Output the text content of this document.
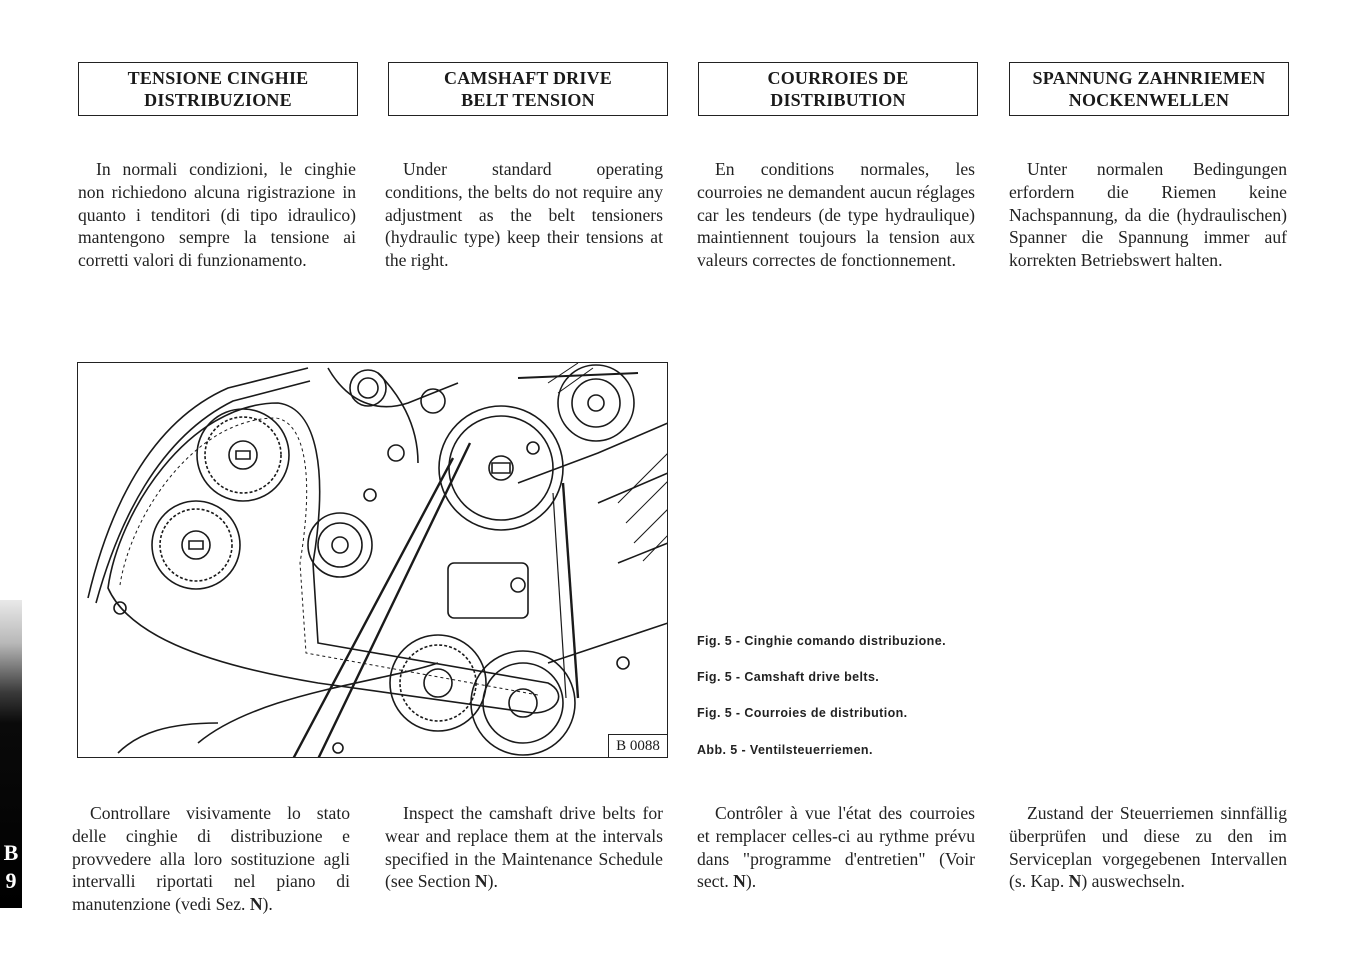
TENSIONE CINGHIE
DISTRIBUZIONE
CAMSHAFT DRIVE
BELT TENSION
COURROIES DE
DISTRIBUTION
SPANNUNG ZAHNRIEMEN
NOCKENWELLEN

In normali condizioni, le cinghie non richiedono alcuna rigistrazione in quanto i tenditori (di tipo idraulico) mantengono sempre la tensione ai corretti valori di funzionamento.

Under standard operating conditions, the belts do not require any adjustment as the belt tensioners (hydraulic type) keep their tensions at the right.

En conditions normales, les courroies ne demandent aucun réglages car les tendeurs (de type hydraulique) maintiennent toujours la tension aux valeurs correctes de fonctionnement.

Unter normalen Bedingungen erfordern die Riemen keine Nachspannung, da die (hydraulischen) Spanner die Spannung immer auf korrekten Betriebswert halten.

B 0088
Fig. 5 - Cinghie comando distribuzione.
Fig. 5 - Camshaft drive belts.
Fig. 5 - Courroies de distribution.
Abb. 5 - Ventilsteuerriemen.

Controllare visivamente lo stato delle cinghie di distribuzione e provvedere alla loro sostituzione agli intervalli riportati nel piano di manutenzione (vedi Sez. N).

Inspect the camshaft drive belts for wear and replace them at the intervals specified in the Maintenance Schedule (see Section N).

Contrôler à vue l'état des courroies et remplacer celles-ci au rythme prévu dans "programme d'entretien" (Voir sect. N).

Zustand der Steuerriemen sinnfällig überprüfen und diese zu den im Serviceplan vorgegebenen Intervallen (s. Kap. N) auswechseln.

B
9
